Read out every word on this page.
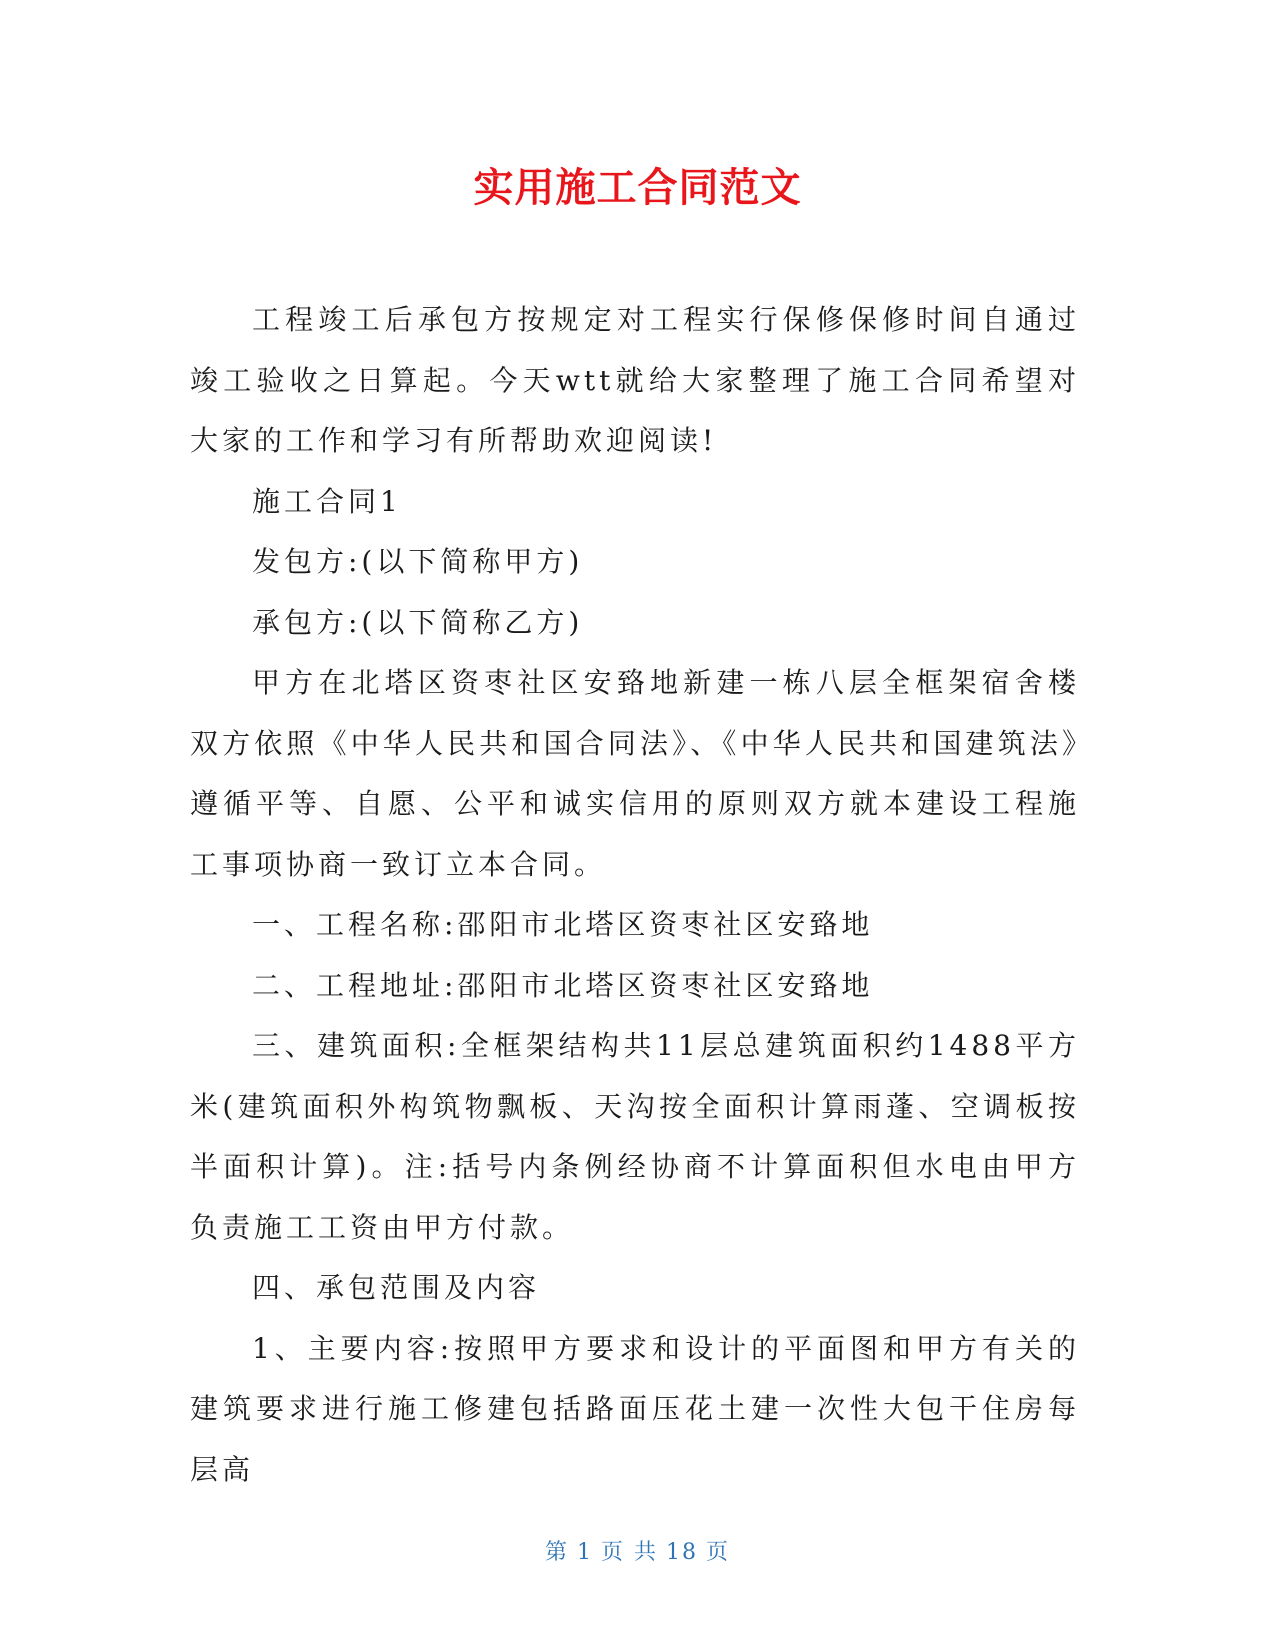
实用施工合同范文

工程竣工后承包方按规定对工程实行保修保修时间自通过竣工验收之日算起。今天wtt就给大家整理了施工合同希望对大家的工作和学习有所帮助欢迎阅读!

施工合同1

发包方:(以下简称甲方)

承包方:(以下简称乙方)

甲方在北塔区资枣社区安臵地新建一栋八层全框架宿舍楼双方依照《中华人民共和国合同法》、《中华人民共和国建筑法》遵循平等、自愿、公平和诚实信用的原则双方就本建设工程施工事项协商一致订立本合同。

一、工程名称:邵阳市北塔区资枣社区安臵地

二、工程地址:邵阳市北塔区资枣社区安臵地

三、建筑面积:全框架结构共11层总建筑面积约1488平方米(建筑面积外构筑物飘板、天沟按全面积计算雨蓬、空调板按半面积计算)。注:括号内条例经协商不计算面积但水电由甲方负责施工工资由甲方付款。

四、承包范围及内容

1、主要内容:按照甲方要求和设计的平面图和甲方有关的建筑要求进行施工修建包括路面压花土建一次性大包干住房每层高

第 1 页 共 18 页
